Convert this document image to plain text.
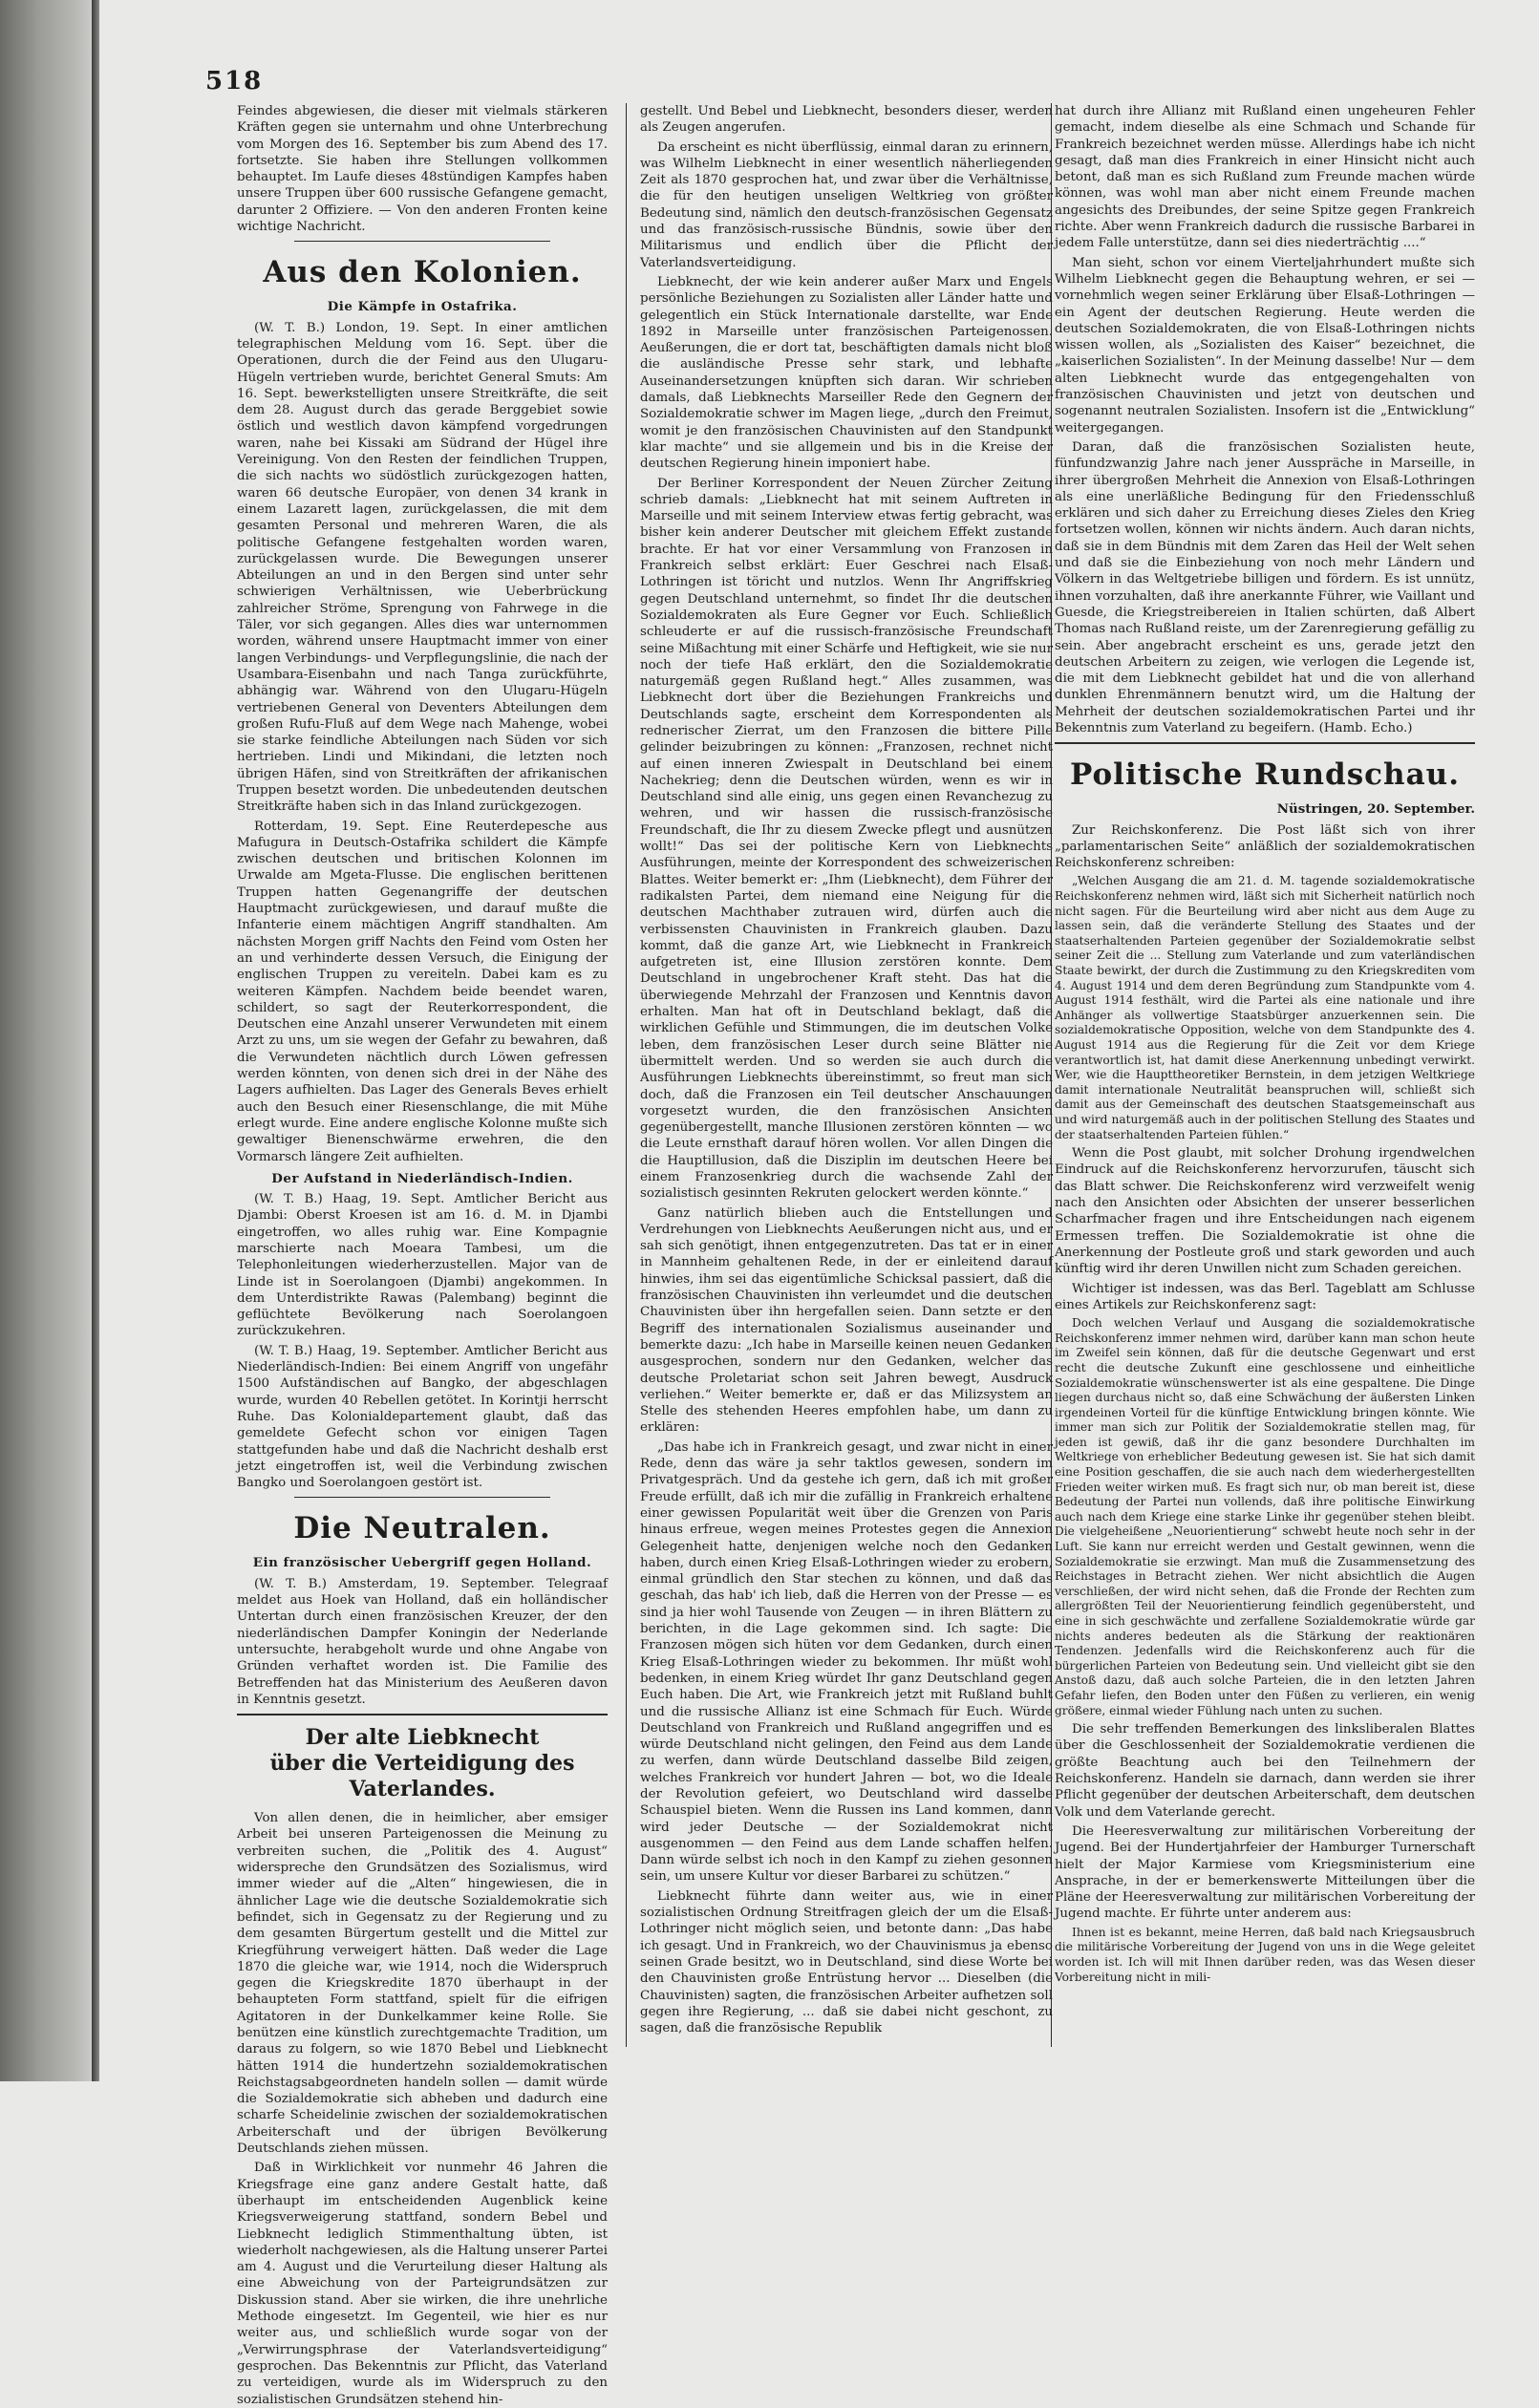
518

Feindes abgewiesen, die dieser mit vielmals stärkeren Kräften gegen sie unternahm und ohne Unterbrechung vom Morgen des 16. September bis zum Abend des 17. fortsetzte. Sie haben ihre Stellungen vollkommen behauptet. Im Laufe dieses 48stündigen Kampfes haben unsere Truppen über 600 russische Gefangene gemacht, darunter 2 Offiziere. — Von den anderen Fronten keine wichtige Nachricht.

Aus den Kolonien.
Die Kämpfe in Ostafrika.

(W. T. B.) London, 19. Sept. In einer amtlichen telegraphischen Meldung vom 16. Sept. über die Operationen, durch die der Feind aus den Ulugaru-Hügeln vertrieben wurde, berichtet General Smuts: Am 16. Sept. bewerkstelligten unsere Streitkräfte, die seit dem 28. August durch das gerade Berggebiet sowie östlich und westlich davon kämpfend vorgedrungen waren, nahe bei Kissaki am Südrand der Hügel ihre Vereinigung. Von den Resten der feindlichen Truppen, die sich nachts wo südöstlich zurückgezogen hatten, waren 66 deutsche Europäer, von denen 34 krank in einem Lazarett lagen, zurückgelassen, die mit dem gesamten Personal und mehreren Waren, die als politische Gefangene festgehalten worden waren, zurückgelassen wurde. Die Bewegungen unserer Abteilungen an und in den Bergen sind unter sehr schwierigen Verhältnissen, wie Ueberbrückung zahlreicher Ströme, Sprengung von Fahrwege in die Täler, vor sich gegangen. Alles dies war unternommen worden, während unsere Hauptmacht immer von einer langen Verbindungs- und Verpflegungslinie, die nach der Usambara-Eisenbahn und nach Tanga zurückführte, abhängig war. Während von den Ulugaru-Hügeln vertriebenen General von Deventers Abteilungen dem großen Rufu-Fluß auf dem Wege nach Mahenge, wobei sie starke feindliche Abteilungen nach Süden vor sich hertrieben. Lindi und Mikindani, die letzten noch übrigen Häfen, sind von Streitkräften der afrikanischen Truppen besetzt worden. Die unbedeutenden deutschen Streitkräfte haben sich in das Inland zurückgezogen.

Rotterdam, 19. Sept. Eine Reuterdepesche aus Mafugura in Deutsch-Ostafrika schildert die Kämpfe zwischen deutschen und britischen Kolonnen im Urwalde am Mgeta-Flusse. Die englischen berittenen Truppen hatten Gegenangriffe der deutschen Hauptmacht zurückgewiesen, und darauf mußte die Infanterie einem mächtigen Angriff standhalten. Am nächsten Morgen griff Nachts den Feind vom Osten her an und verhinderte dessen Versuch, die Einigung der englischen Truppen zu vereiteln. Dabei kam es zu weiteren Kämpfen. Nachdem beide beendet waren, schildert, so sagt der Reuterkorrespondent, die Deutschen eine Anzahl unserer Verwundeten mit einem Arzt zu uns, um sie wegen der Gefahr zu bewahren, daß die Verwundeten nächtlich durch Löwen gefressen werden könnten, von denen sich drei in der Nähe des Lagers aufhielten. Das Lager des Generals Beves erhielt auch den Besuch einer Riesenschlange, die mit Mühe erlegt wurde. Eine andere englische Kolonne mußte sich gewaltiger Bienenschwärme erwehren, die den Vormarsch längere Zeit aufhielten.

Der Aufstand in Niederländisch-Indien.

(W. T. B.) Haag, 19. Sept. Amtlicher Bericht aus Djambi: Oberst Kroesen ist am 16. d. M. in Djambi eingetroffen, wo alles ruhig war. Eine Kompagnie marschierte nach Moeara Tambesi, um die Telephonleitungen wiederherzustellen. Major van de Linde ist in Soerolangoen (Djambi) angekommen. In dem Unterdistrikte Rawas (Palembang) beginnt die geflüchtete Bevölkerung nach Soerolangoen zurückzukehren.

(W. T. B.) Haag, 19. September. Amtlicher Bericht aus Niederländisch-Indien: Bei einem Angriff von ungefähr 1500 Aufständischen auf Bangko, der abgeschlagen wurde, wurden 40 Rebellen getötet. In Korintji herrscht Ruhe. Das Kolonialdepartement glaubt, daß das gemeldete Gefecht schon vor einigen Tagen stattgefunden habe und daß die Nachricht deshalb erst jetzt eingetroffen ist, weil die Verbindung zwischen Bangko und Soerolangoen gestört ist.

Die Neutralen.
Ein französischer Uebergriff gegen Holland.

(W. T. B.) Amsterdam, 19. September. Telegraaf meldet aus Hoek van Holland, daß ein holländischer Untertan durch einen französischen Kreuzer, der den niederländischen Dampfer Koningin der Nederlande untersuchte, herabgeholt wurde und ohne Angabe von Gründen verhaftet worden ist. Die Familie des Betreffenden hat das Ministerium des Aeußeren davon in Kenntnis gesetzt.

Der alte Liebknecht
über die Verteidigung des Vaterlandes.

Von allen denen, die in heimlicher, aber emsiger Arbeit bei unseren Parteigenossen die Meinung zu verbreiten suchen, die „Politik des 4. August“ widerspreche den Grundsätzen des Sozialismus, wird immer wieder auf die „Alten“ hingewiesen, die in ähnlicher Lage wie die deutsche Sozialdemokratie sich befindet, sich in Gegensatz zu der Regierung und zu dem gesamten Bürgertum gestellt und die Mittel zur Kriegführung verweigert hätten. Daß weder die Lage 1870 die gleiche war, wie 1914, noch die Widerspruch gegen die Kriegskredite 1870 überhaupt in der behaupteten Form stattfand, spielt für die eifrigen Agitatoren in der Dunkelkammer keine Rolle. Sie benützen eine künstlich zurechtgemachte Tradition, um daraus zu folgern, so wie 1870 Bebel und Liebknecht hätten 1914 die hundertzehn sozialdemokratischen Reichstagsabgeordneten handeln sollen — damit würde die Sozialdemokratie sich abheben und dadurch eine scharfe Scheidelinie zwischen der sozialdemokratischen Arbeiterschaft und der übrigen Bevölkerung Deutschlands ziehen müssen.

Daß in Wirklichkeit vor nunmehr 46 Jahren die Kriegsfrage eine ganz andere Gestalt hatte, daß überhaupt im entscheidenden Augenblick keine Kriegsverweigerung stattfand, sondern Bebel und Liebknecht lediglich Stimmenthaltung übten, ist wiederholt nachgewiesen, als die Haltung unserer Partei am 4. August und die Verurteilung dieser Haltung als eine Abweichung von der Parteigrundsätzen zur Diskussion stand. Aber sie wirken, die ihre unehrliche Methode eingesetzt. Im Gegenteil, wie hier es nur weiter aus, und schließlich wurde sogar von der „Verwirrungsphrase der Vaterlandsverteidigung“ gesprochen. Das Bekenntnis zur Pflicht, das Vaterland zu verteidigen, wurde als im Widerspruch zu den sozialistischen Grundsätzen stehend hin-

gestellt. Und Bebel und Liebknecht, besonders dieser, werden als Zeugen angerufen.

Da erscheint es nicht überflüssig, einmal daran zu erinnern, was Wilhelm Liebknecht in einer wesentlich näherliegenden Zeit als 1870 gesprochen hat, und zwar über die Verhältnisse, die für den heutigen unseligen Weltkrieg von größter Bedeutung sind, nämlich den deutsch-französischen Gegensatz und das französisch-russische Bündnis, sowie über den Militarismus und endlich über die Pflicht der Vaterlandsverteidigung.

Liebknecht, der wie kein anderer außer Marx und Engels persönliche Beziehungen zu Sozialisten aller Länder hatte und gelegentlich ein Stück Internationale darstellte, war Ende 1892 in Marseille unter französischen Parteigenossen. Aeußerungen, die er dort tat, beschäftigten damals nicht bloß die ausländische Presse sehr stark, und lebhafte Auseinandersetzungen knüpften sich daran. Wir schrieben damals, daß Liebknechts Marseiller Rede den Gegnern der Sozialdemokratie schwer im Magen liege, „durch den Freimut, womit je den französischen Chauvinisten auf den Standpunkt klar machte“ und sie allgemein und bis in die Kreise der deutschen Regierung hinein imponiert habe.

Der Berliner Korrespondent der Neuen Zürcher Zeitung schrieb damals: „Liebknecht hat mit seinem Auftreten in Marseille und mit seinem Interview etwas fertig gebracht, was bisher kein anderer Deutscher mit gleichem Effekt zustande brachte. Er hat vor einer Versammlung von Franzosen in Frankreich selbst erklärt: Euer Geschrei nach Elsaß-Lothringen ist töricht und nutzlos. Wenn Ihr Angriffskrieg gegen Deutschland unternehmt, so findet Ihr die deutschen Sozialdemokraten als Eure Gegner vor Euch. Schließlich schleuderte er auf die russisch-französische Freundschaft seine Mißachtung mit einer Schärfe und Heftigkeit, wie sie nur noch der tiefe Haß erklärt, den die Sozialdemokratie naturgemäß gegen Rußland hegt.“ Alles zusammen, was Liebknecht dort über die Beziehungen Frankreichs und Deutschlands sagte, erscheint dem Korrespondenten als rednerischer Zierrat, um den Franzosen die bittere Pille gelinder beizubringen zu können: „Franzosen, rechnet nicht auf einen inneren Zwiespalt in Deutschland bei einem Nachekrieg; denn die Deutschen würden, wenn es wir in Deutschland sind alle einig, uns gegen einen Revanchezug zu wehren, und wir hassen die russisch-französische Freundschaft, die Ihr zu diesem Zwecke pflegt und ausnützen wollt!“ Das sei der politische Kern von Liebknechts Ausführungen, meinte der Korrespondent des schweizerischen Blattes. Weiter bemerkt er: „Ihm (Liebknecht), dem Führer der radikalsten Partei, dem niemand eine Neigung für die deutschen Machthaber zutrauen wird, dürfen auch die verbissensten Chauvinisten in Frankreich glauben. Dazu kommt, daß die ganze Art, wie Liebknecht in Frankreich aufgetreten ist, eine Illusion zerstören konnte. Dem Deutschland in ungebrochener Kraft steht. Das hat die überwiegende Mehrzahl der Franzosen und Kenntnis davon erhalten. Man hat oft in Deutschland beklagt, daß die wirklichen Gefühle und Stimmungen, die im deutschen Volke leben, dem französischen Leser durch seine Blätter nie übermittelt werden. Und so werden sie auch durch die Ausführungen Liebknechts übereinstimmt, so freut man sich doch, daß die Franzosen ein Teil deutscher Anschauungen vorgesetzt wurden, die den französischen Ansichten gegenübergestellt, manche Illusionen zerstören könnten — wo die Leute ernsthaft darauf hören wollen. Vor allen Dingen die die Hauptillusion, daß die Disziplin im deutschen Heere bei einem Franzosenkrieg durch die wachsende Zahl der sozialistisch gesinnten Rekruten gelockert werden könnte.“

Ganz natürlich blieben auch die Entstellungen und Verdrehungen von Liebknechts Aeußerungen nicht aus, und er sah sich genötigt, ihnen entgegenzutreten. Das tat er in einer in Mannheim gehaltenen Rede, in der er einleitend darauf hinwies, ihm sei das eigentümliche Schicksal passiert, daß die französischen Chauvinisten ihn verleumdet und die deutschen Chauvinisten über ihn hergefallen seien. Dann setzte er den Begriff des internationalen Sozialismus auseinander und bemerkte dazu: „Ich habe in Marseille keinen neuen Gedanken ausgesprochen, sondern nur den Gedanken, welcher das deutsche Proletariat schon seit Jahren bewegt, Ausdruck verliehen.“ Weiter bemerkte er, daß er das Milizsystem an Stelle des stehenden Heeres empfohlen habe, um dann zu erklären:

„Das habe ich in Frankreich gesagt, und zwar nicht in einer Rede, denn das wäre ja sehr taktlos gewesen, sondern im Privatgespräch. Und da gestehe ich gern, daß ich mit großer Freude erfüllt, daß ich mir die zufällig in Frankreich erhaltene einer gewissen Popularität weit über die Grenzen von Paris hinaus erfreue, wegen meines Protestes gegen die Annexion Gelegenheit hatte, denjenigen welche noch den Gedanken haben, durch einen Krieg Elsaß-Lothringen wieder zu erobern, einmal gründlich den Star stechen zu können, und daß das geschah, das hab' ich lieb, daß die Herren von der Presse — es sind ja hier wohl Tausende von Zeugen — in ihren Blättern zu berichten, in die Lage gekommen sind. Ich sagte: Die Franzosen mögen sich hüten vor dem Gedanken, durch einen Krieg Elsaß-Lothringen wieder zu bekommen. Ihr müßt wohl bedenken, in einem Krieg würdet Ihr ganz Deutschland gegen Euch haben. Die Art, wie Frankreich jetzt mit Rußland buhlt und die russische Allianz ist eine Schmach für Euch. Würde Deutschland von Frankreich und Rußland angegriffen und es würde Deutschland nicht gelingen, den Feind aus dem Lande zu werfen, dann würde Deutschland dasselbe Bild zeigen, welches Frankreich vor hundert Jahren — bot, wo die Ideale der Revolution gefeiert, wo Deutschland wird dasselbe Schauspiel bieten. Wenn die Russen ins Land kommen, dann wird jeder Deutsche — der Sozialdemokrat nicht ausgenommen — den Feind aus dem Lande schaffen helfen. Dann würde selbst ich noch in den Kampf zu ziehen gesonnen sein, um unsere Kultur vor dieser Barbarei zu schützen.“

Liebknecht führte dann weiter aus, wie in einer sozialistischen Ordnung Streitfragen gleich der um die Elsaß-Lothringer nicht möglich seien, und betonte dann: „Das habe ich gesagt. Und in Frankreich, wo der Chauvinismus ja ebenso seinen Grade besitzt, wo in Deutschland, sind diese Worte bei den Chauvinisten große Entrüstung hervor ... Dieselben (die Chauvinisten) sagten, die französischen Arbeiter aufhetzen soll gegen ihre Regierung, ... daß sie dabei nicht geschont, zu sagen, daß die französische Republik

hat durch ihre Allianz mit Rußland einen ungeheuren Fehler gemacht, indem dieselbe als eine Schmach und Schande für Frankreich bezeichnet werden müsse. Allerdings habe ich nicht gesagt, daß man dies Frankreich in einer Hinsicht nicht auch betont, daß man es sich Rußland zum Freunde machen würde können, was wohl man aber nicht einem Freunde machen angesichts des Dreibundes, der seine Spitze gegen Frankreich richte. Aber wenn Frankreich dadurch die russische Barbarei in jedem Falle unterstütze, dann sei dies niederträchtig ....“

Man sieht, schon vor einem Vierteljahrhundert mußte sich Wilhelm Liebknecht gegen die Behauptung wehren, er sei — vornehmlich wegen seiner Erklärung über Elsaß-Lothringen — ein Agent der deutschen Regierung. Heute werden die deutschen Sozialdemokraten, die von Elsaß-Lothringen nichts wissen wollen, als „Sozialisten des Kaiser“ bezeichnet, die „kaiserlichen Sozialisten“. In der Meinung dasselbe! Nur — dem alten Liebknecht wurde das entgegengehalten von französischen Chauvinisten und jetzt von deutschen und sogenannt neutralen Sozialisten. Insofern ist die „Entwicklung“ weitergegangen.

Daran, daß die französischen Sozialisten heute, fünfundzwanzig Jahre nach jener Ausspräche in Marseille, in ihrer übergroßen Mehrheit die Annexion von Elsaß-Lothringen als eine unerläßliche Bedingung für den Friedensschluß erklären und sich daher zu Erreichung dieses Zieles den Krieg fortsetzen wollen, können wir nichts ändern. Auch daran nichts, daß sie in dem Bündnis mit dem Zaren das Heil der Welt sehen und daß sie die Einbeziehung von noch mehr Ländern und Völkern in das Weltgetriebe billigen und fördern. Es ist unnütz, ihnen vorzuhalten, daß ihre anerkannte Führer, wie Vaillant und Guesde, die Kriegstreibereien in Italien schürten, daß Albert Thomas nach Rußland reiste, um der Zarenregierung gefällig zu sein. Aber angebracht erscheint es uns, gerade jetzt den deutschen Arbeitern zu zeigen, wie verlogen die Legende ist, die mit dem Liebknecht gebildet hat und die von allerhand dunklen Ehrenmännern benutzt wird, um die Haltung der Mehrheit der deutschen sozialdemokratischen Partei und ihr Bekenntnis zum Vaterland zu begeifern. (Hamb. Echo.)

Politische Rundschau.
Nüstringen, 20. September.

Zur Reichskonferenz. Die Post läßt sich von ihrer „parlamentarischen Seite“ anläßlich der sozialdemokratischen Reichskonferenz schreiben:

„Welchen Ausgang die am 21. d. M. tagende sozialdemokratische Reichskonferenz nehmen wird, läßt sich mit Sicherheit natürlich noch nicht sagen. Für die Beurteilung wird aber nicht aus dem Auge zu lassen sein, daß die veränderte Stellung des Staates und der staatserhaltenden Parteien gegenüber der Sozialdemokratie selbst seiner Zeit die ... Stellung zum Vaterlande und zum vaterländischen Staate bewirkt, der durch die Zustimmung zu den Kriegskrediten vom 4. August 1914 und dem deren Begründung zum Standpunkte vom 4. August 1914 festhält, wird die Partei als eine nationale und ihre Anhänger als vollwertige Staatsbürger anzuerkennen sein. Die sozialdemokratische Opposition, welche von dem Standpunkte des 4. August 1914 aus die Regierung für die Zeit vor dem Kriege verantwortlich ist, hat damit diese Anerkennung unbedingt verwirkt. Wer, wie die Haupttheoretiker Bernstein, in dem jetzigen Weltkriege damit internationale Neutralität beanspruchen will, schließt sich damit aus der Gemeinschaft des deutschen Staatsgemeinschaft aus und wird naturgemäß auch in der politischen Stellung des Staates und der staatserhaltenden Parteien fühlen.“

Wenn die Post glaubt, mit solcher Drohung irgendwelchen Eindruck auf die Reichskonferenz hervorzurufen, täuscht sich das Blatt schwer. Die Reichskonferenz wird verzweifelt wenig nach den Ansichten oder Absichten der unserer besserlichen Scharfmacher fragen und ihre Entscheidungen nach eigenem Ermessen treffen. Die Sozialdemokratie ist ohne die Anerkennung der Postleute groß und stark geworden und auch künftig wird ihr deren Unwillen nicht zum Schaden gereichen.

Wichtiger ist indessen, was das Berl. Tageblatt am Schlusse eines Artikels zur Reichskonferenz sagt:

Doch welchen Verlauf und Ausgang die sozialdemokratische Reichskonferenz immer nehmen wird, darüber kann man schon heute im Zweifel sein können, daß für die deutsche Gegenwart und erst recht die deutsche Zukunft eine geschlossene und einheitliche Sozialdemokratie wünschenswerter ist als eine gespaltene. Die Dinge liegen durchaus nicht so, daß eine Schwächung der äußersten Linken irgendeinen Vorteil für die künftige Entwicklung bringen könnte. Wie immer man sich zur Politik der Sozialdemokratie stellen mag, für jeden ist gewiß, daß ihr die ganz besondere Durchhalten im Weltkriege von erheblicher Bedeutung gewesen ist. Sie hat sich damit eine Position geschaffen, die sie auch nach dem wiederhergestellten Frieden weiter wirken muß. Es fragt sich nur, ob man bereit ist, diese Bedeutung der Partei nun vollends, daß ihre politische Einwirkung auch nach dem Kriege eine starke Linke ihr gegenüber stehen bleibt. Die vielgeheißene „Neuorientierung“ schwebt heute noch sehr in der Luft. Sie kann nur erreicht werden und Gestalt gewinnen, wenn die Sozialdemokratie sie erzwingt. Man muß die Zusammensetzung des Reichstages in Betracht ziehen. Wer nicht absichtlich die Augen verschließen, der wird nicht sehen, daß die Fronde der Rechten zum allergrößten Teil der Neuorientierung feindlich gegenübersteht, und eine in sich geschwächte und zerfallene Sozialdemokratie würde gar nichts anderes bedeuten als die Stärkung der reaktionären Tendenzen. Jedenfalls wird die Reichskonferenz auch für die bürgerlichen Parteien von Bedeutung sein. Und vielleicht gibt sie den Anstoß dazu, daß auch solche Parteien, die in den letzten Jahren Gefahr liefen, den Boden unter den Füßen zu verlieren, ein wenig größere, einmal wieder Fühlung nach unten zu suchen.

Die sehr treffenden Bemerkungen des linksliberalen Blattes über die Geschlossenheit der Sozialdemokratie verdienen die größte Beachtung auch bei den Teilnehmern der Reichskonferenz. Handeln sie darnach, dann werden sie ihrer Pflicht gegenüber der deutschen Arbeiterschaft, dem deutschen Volk und dem Vaterlande gerecht.

Die Heeresverwaltung zur militärischen Vorbereitung der Jugend. Bei der Hundertjahrfeier der Hamburger Turnerschaft hielt der Major Karmiese vom Kriegsministerium eine Ansprache, in der er bemerkenswerte Mitteilungen über die Pläne der Heeresverwaltung zur militärischen Vorbereitung der Jugend machte. Er führte unter anderem aus:

Ihnen ist es bekannt, meine Herren, daß bald nach Kriegsausbruch die militärische Vorbereitung der Jugend von uns in die Wege geleitet worden ist. Ich will mit Ihnen darüber reden, was das Wesen dieser Vorbereitung nicht in mili-
